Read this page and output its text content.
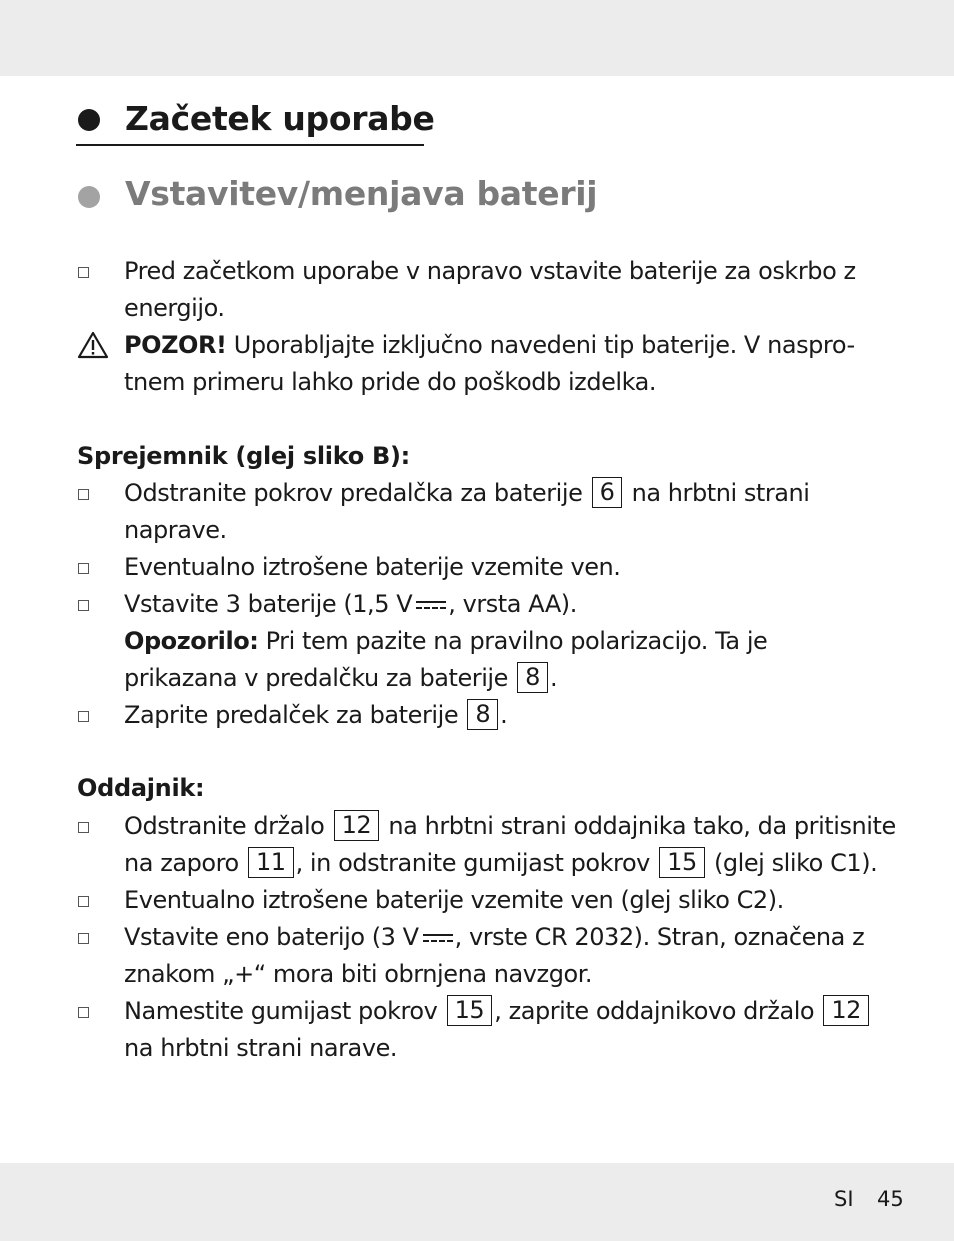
Začetek uporabe
Vstavitev/menjava baterij
Pred začetkom uporabe v napravo vstavite baterije za oskrbo z
energijo.
POZOR! Uporabljajte izključno navedeni tip baterije. V naspro-
tnem primeru lahko pride do poškodb izdelka.
Sprejemnik (glej sliko B):
Odstranite pokrov predalčka za baterije 6 na hrbtni strani
naprave.
Eventualno iztrošene baterije vzemite ven.
Vstavite 3 baterije (1,5 V , vrsta AA).
Opozorilo: Pri tem pazite na pravilno polarizacijo. Ta je
prikazana v predalčku za baterije 8 .
Zaprite predalček za baterije 8 .
Oddajnik:
Odstranite držalo 12 na hrbtni strani oddajnika tako, da pritisnite
na zaporo 11 , in odstranite gumijast pokrov 15 (glej sliko C1).
Eventualno iztrošene baterije vzemite ven (glej sliko C2).
Vstavite eno baterijo (3 V , vrste CR 2032). Stran, označena z
znakom „+“ mora biti obrnjena navzgor.
Namestite gumijast pokrov 15 , zaprite oddajnikovo držalo 12
na hrbtni strani narave.
SI 45
